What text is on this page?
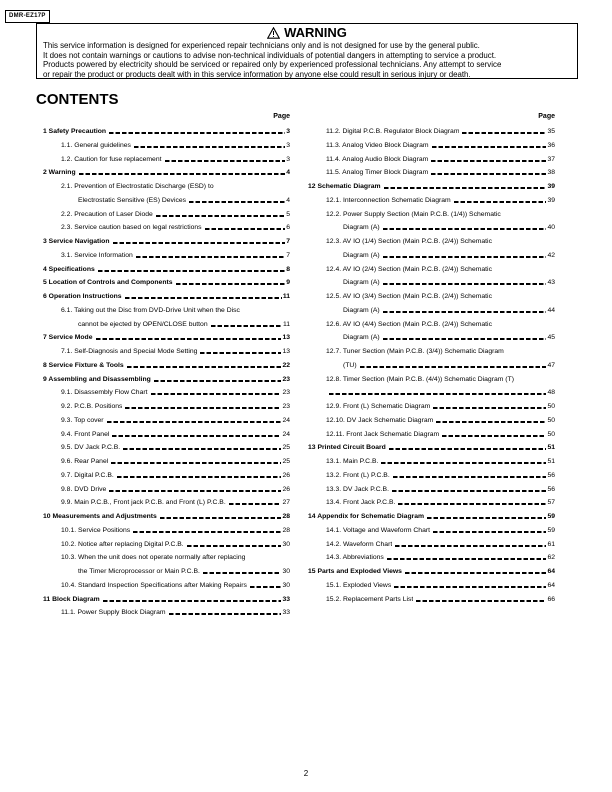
DMR-EZ17P
WARNING
This service information is designed for experienced repair technicians only and is not designed for use by the general public.
It does not contain warnings or cautions to advise non-technical individuals of potential dangers in attempting to service a product.
Products powered by electricity should be serviced or repaired only by experienced professional technicians. Any attempt to service
or repair the product or products dealt with in this service information by anyone else could result in serious injury or death.
CONTENTS
Page	Page
1 Safety Precaution	3
1.1. General guidelines	3
1.2. Caution for fuse replacement	3
2 Warning	4
2.1. Prevention of Electrostatic Discharge (ESD) to
Electrostatic Sensitive (ES) Devices	4
2.2. Precaution of Laser Diode	5
2.3. Service caution based on legal restrictions	6
3 Service Navigation	7
3.1. Service Information	7
4 Specifications	8
5 Location of Controls and Components	9
6 Operation Instructions	11
6.1. Taking out the Disc from DVD-Drive Unit when the Disc
cannot be ejected by OPEN/CLOSE button	11
7 Service Mode	13
7.1. Self-Diagnosis and Special Mode Setting	13
8 Service Fixture & Tools	22
9 Assembling and Disassembling	23
9.1. Disassembly Flow Chart	23
9.2. P.C.B. Positions	23
9.3. Top cover	24
9.4. Front Panel	24
9.5. DV Jack P.C.B.	25
9.6. Rear Panel	25
9.7. Digital P.C.B.	26
9.8. DVD Drive	26
9.9. Main P.C.B., Front jack P.C.B. and Front (L) P.C.B.	27
10 Measurements and Adjustments	28
10.1. Service Positions	28
10.2. Notice after replacing Digital P.C.B.	30
10.3. When the unit does not operate normally after replacing
the Timer Microprocessor or Main P.C.B.	30
10.4. Standard Inspection Specifications after Making Repairs	30
11 Block Diagram	33
11.1. Power Supply Block Diagram	33
11.2. Digital P.C.B. Regulator Block Diagram	35
11.3. Analog Video Block Diagram	36
11.4. Analog Audio Block Diagram	37
11.5. Analog Timer Block Diagram	38
12 Schematic Diagram	39
12.1. Interconnection Schematic Diagram	39
12.2. Power Supply Section (Main P.C.B. (1/4)) Schematic
Diagram (A)	40
12.3. AV IO (1/4) Section (Main P.C.B. (2/4)) Schematic
Diagram (A)	42
12.4. AV IO (2/4) Section (Main P.C.B. (2/4)) Schematic
Diagram (A)	43
12.5. AV IO (3/4) Section (Main P.C.B. (2/4)) Schematic
Diagram (A)	44
12.6. AV IO (4/4) Section (Main P.C.B. (2/4)) Schematic
Diagram (A)	45
12.7. Tuner Section (Main P.C.B. (3/4)) Schematic Diagram
(TU)	47
12.8. Timer Section (Main P.C.B. (4/4)) Schematic Diagram (T)
48
12.9. Front (L) Schematic Diagram	50
12.10. DV Jack Schematic Diagram	50
12.11. Front Jack Schematic Diagram	50
13 Printed Circuit Board	51
13.1. Main P.C.B.	51
13.2. Front (L) P.C.B.	56
13.3. DV Jack P.C.B.	56
13.4. Front Jack P.C.B.	57
14 Appendix for Schematic Diagram	59
14.1. Voltage and Waveform Chart	59
14.2. Waveform Chart	61
14.3. Abbreviations	62
15 Parts and Exploded Views	64
15.1. Exploded Views	64
15.2. Replacement Parts List	66
2
